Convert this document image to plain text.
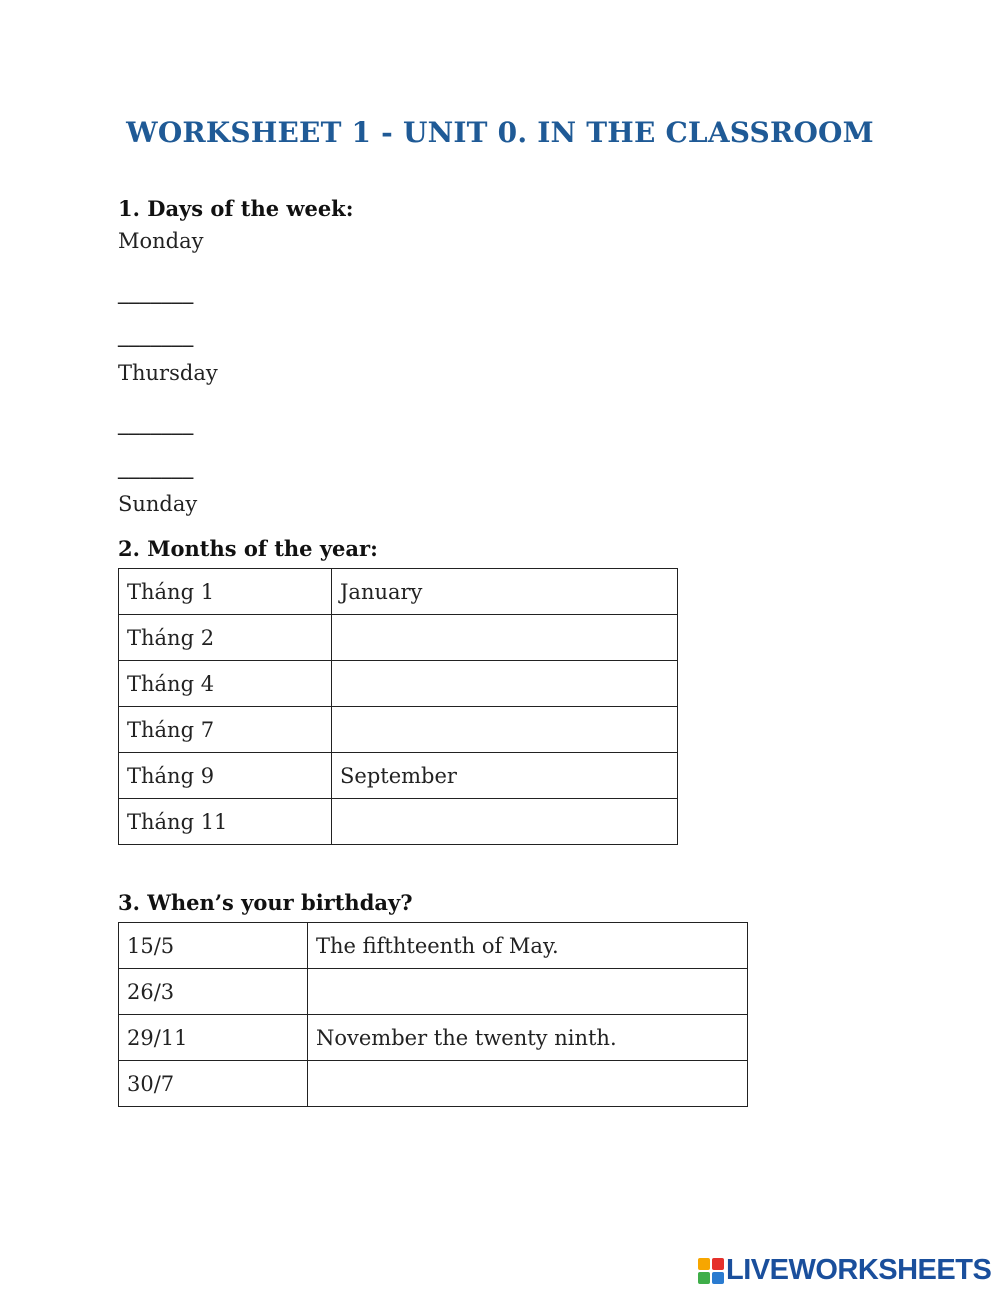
WORKSHEET 1 - UNIT 0. IN THE CLASSROOM

1. Days of the week:

Monday

_______

_______

Thursday

_______

_______

Sunday

2. Months of the year:

Tháng 1	January
Tháng 2	
Tháng 4	
Tháng 7	
Tháng 9	September
Tháng 11	

3. When’s your birthday?

15/5	The fifthteenth of May.
26/3	
29/11	November the twenty ninth.
30/7	
LIVEWORKSHEETS
